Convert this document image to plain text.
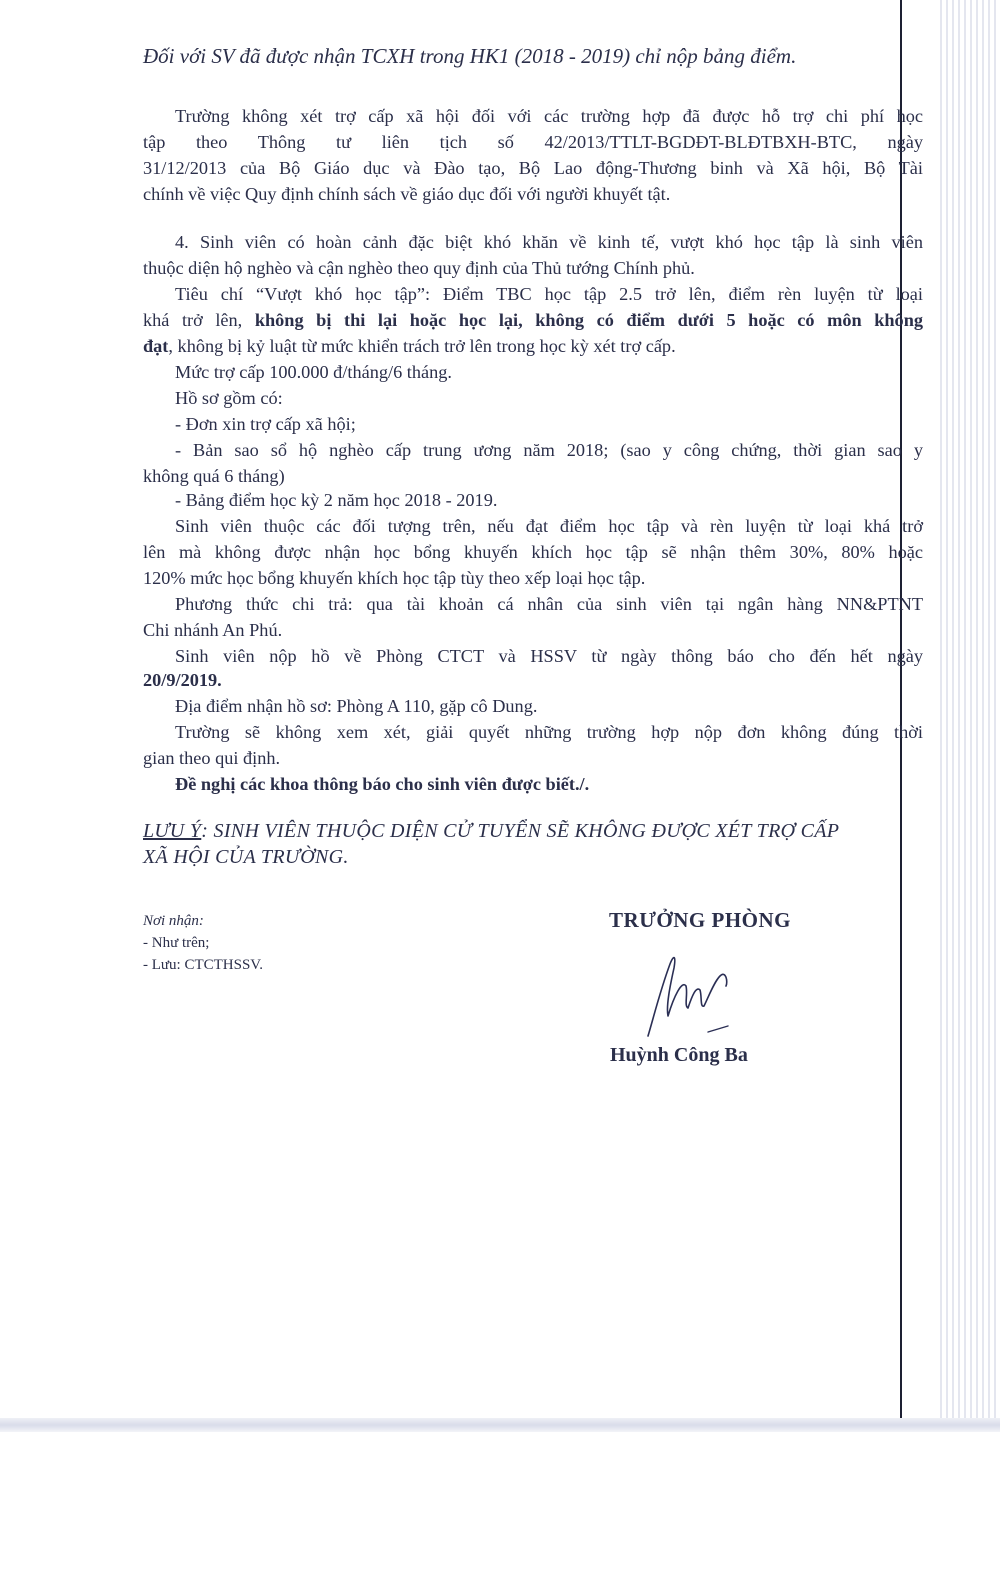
Đối với SV đã được nhận TCXH trong HK1 (2018 - 2019) chỉ nộp bảng điểm.
Trường không xét trợ cấp xã hội đối với các trường hợp đã được hỗ trợ chi phí học
tập theo Thông tư liên tịch số 42/2013/TTLT-BGDĐT-BLĐTBXH-BTC, ngày
31/12/2013 của Bộ Giáo dục và Đào tạo, Bộ Lao động-Thương binh và Xã hội, Bộ Tài
chính về việc Quy định chính sách về giáo dục đối với người khuyết tật.
4. Sinh viên có hoàn cảnh đặc biệt khó khăn về kinh tế, vượt khó học tập là sinh viên
thuộc diện hộ nghèo và cận nghèo theo quy định của Thủ tướng Chính phủ.
Tiêu chí “Vượt khó học tập”: Điểm TBC học tập 2.5 trở lên, điểm rèn luyện từ loại
khá trở lên, không bị thi lại hoặc học lại, không có điểm dưới 5 hoặc có môn không
đạt, không bị kỷ luật từ mức khiển trách trở lên trong học kỳ xét trợ cấp.
Mức trợ cấp 100.000 đ/tháng/6 tháng.
Hồ sơ gồm có:
- Đơn xin trợ cấp xã hội;
- Bản sao sổ hộ nghèo cấp trung ương năm 2018; (sao y công chứng, thời gian sao y
không quá 6 tháng)
- Bảng điểm học kỳ 2 năm học 2018 - 2019.
Sinh viên thuộc các đối tượng trên, nếu đạt điểm học tập và rèn luyện từ loại khá trở
lên mà không được nhận học bổng khuyến khích học tập sẽ nhận thêm 30%, 80% hoặc
120% mức học bổng khuyến khích học tập tùy theo xếp loại học tập.
Phương thức chi trả: qua tài khoản cá nhân của sinh viên tại ngân hàng NN&PTNT
Chi nhánh An Phú.
Sinh viên nộp hồ về Phòng CTCT và HSSV từ ngày thông báo cho đến hết ngày
20/9/2019.
Địa điểm nhận hồ sơ: Phòng A 110, gặp cô Dung.
Trường sẽ không xem xét, giải quyết những trường hợp nộp đơn không đúng thời
gian theo qui định.
Đề nghị các khoa thông báo cho sinh viên được biết./.
LƯU Ý: SINH VIÊN THUỘC DIỆN CỬ TUYỂN SẼ KHÔNG ĐƯỢC XÉT TRỢ CẤP
XÃ HỘI CỦA TRƯỜNG.
Nơi nhận:
- Như trên;
- Lưu: CTCTHSSV.
TRƯỞNG PHÒNG
Huỳnh Công Ba
